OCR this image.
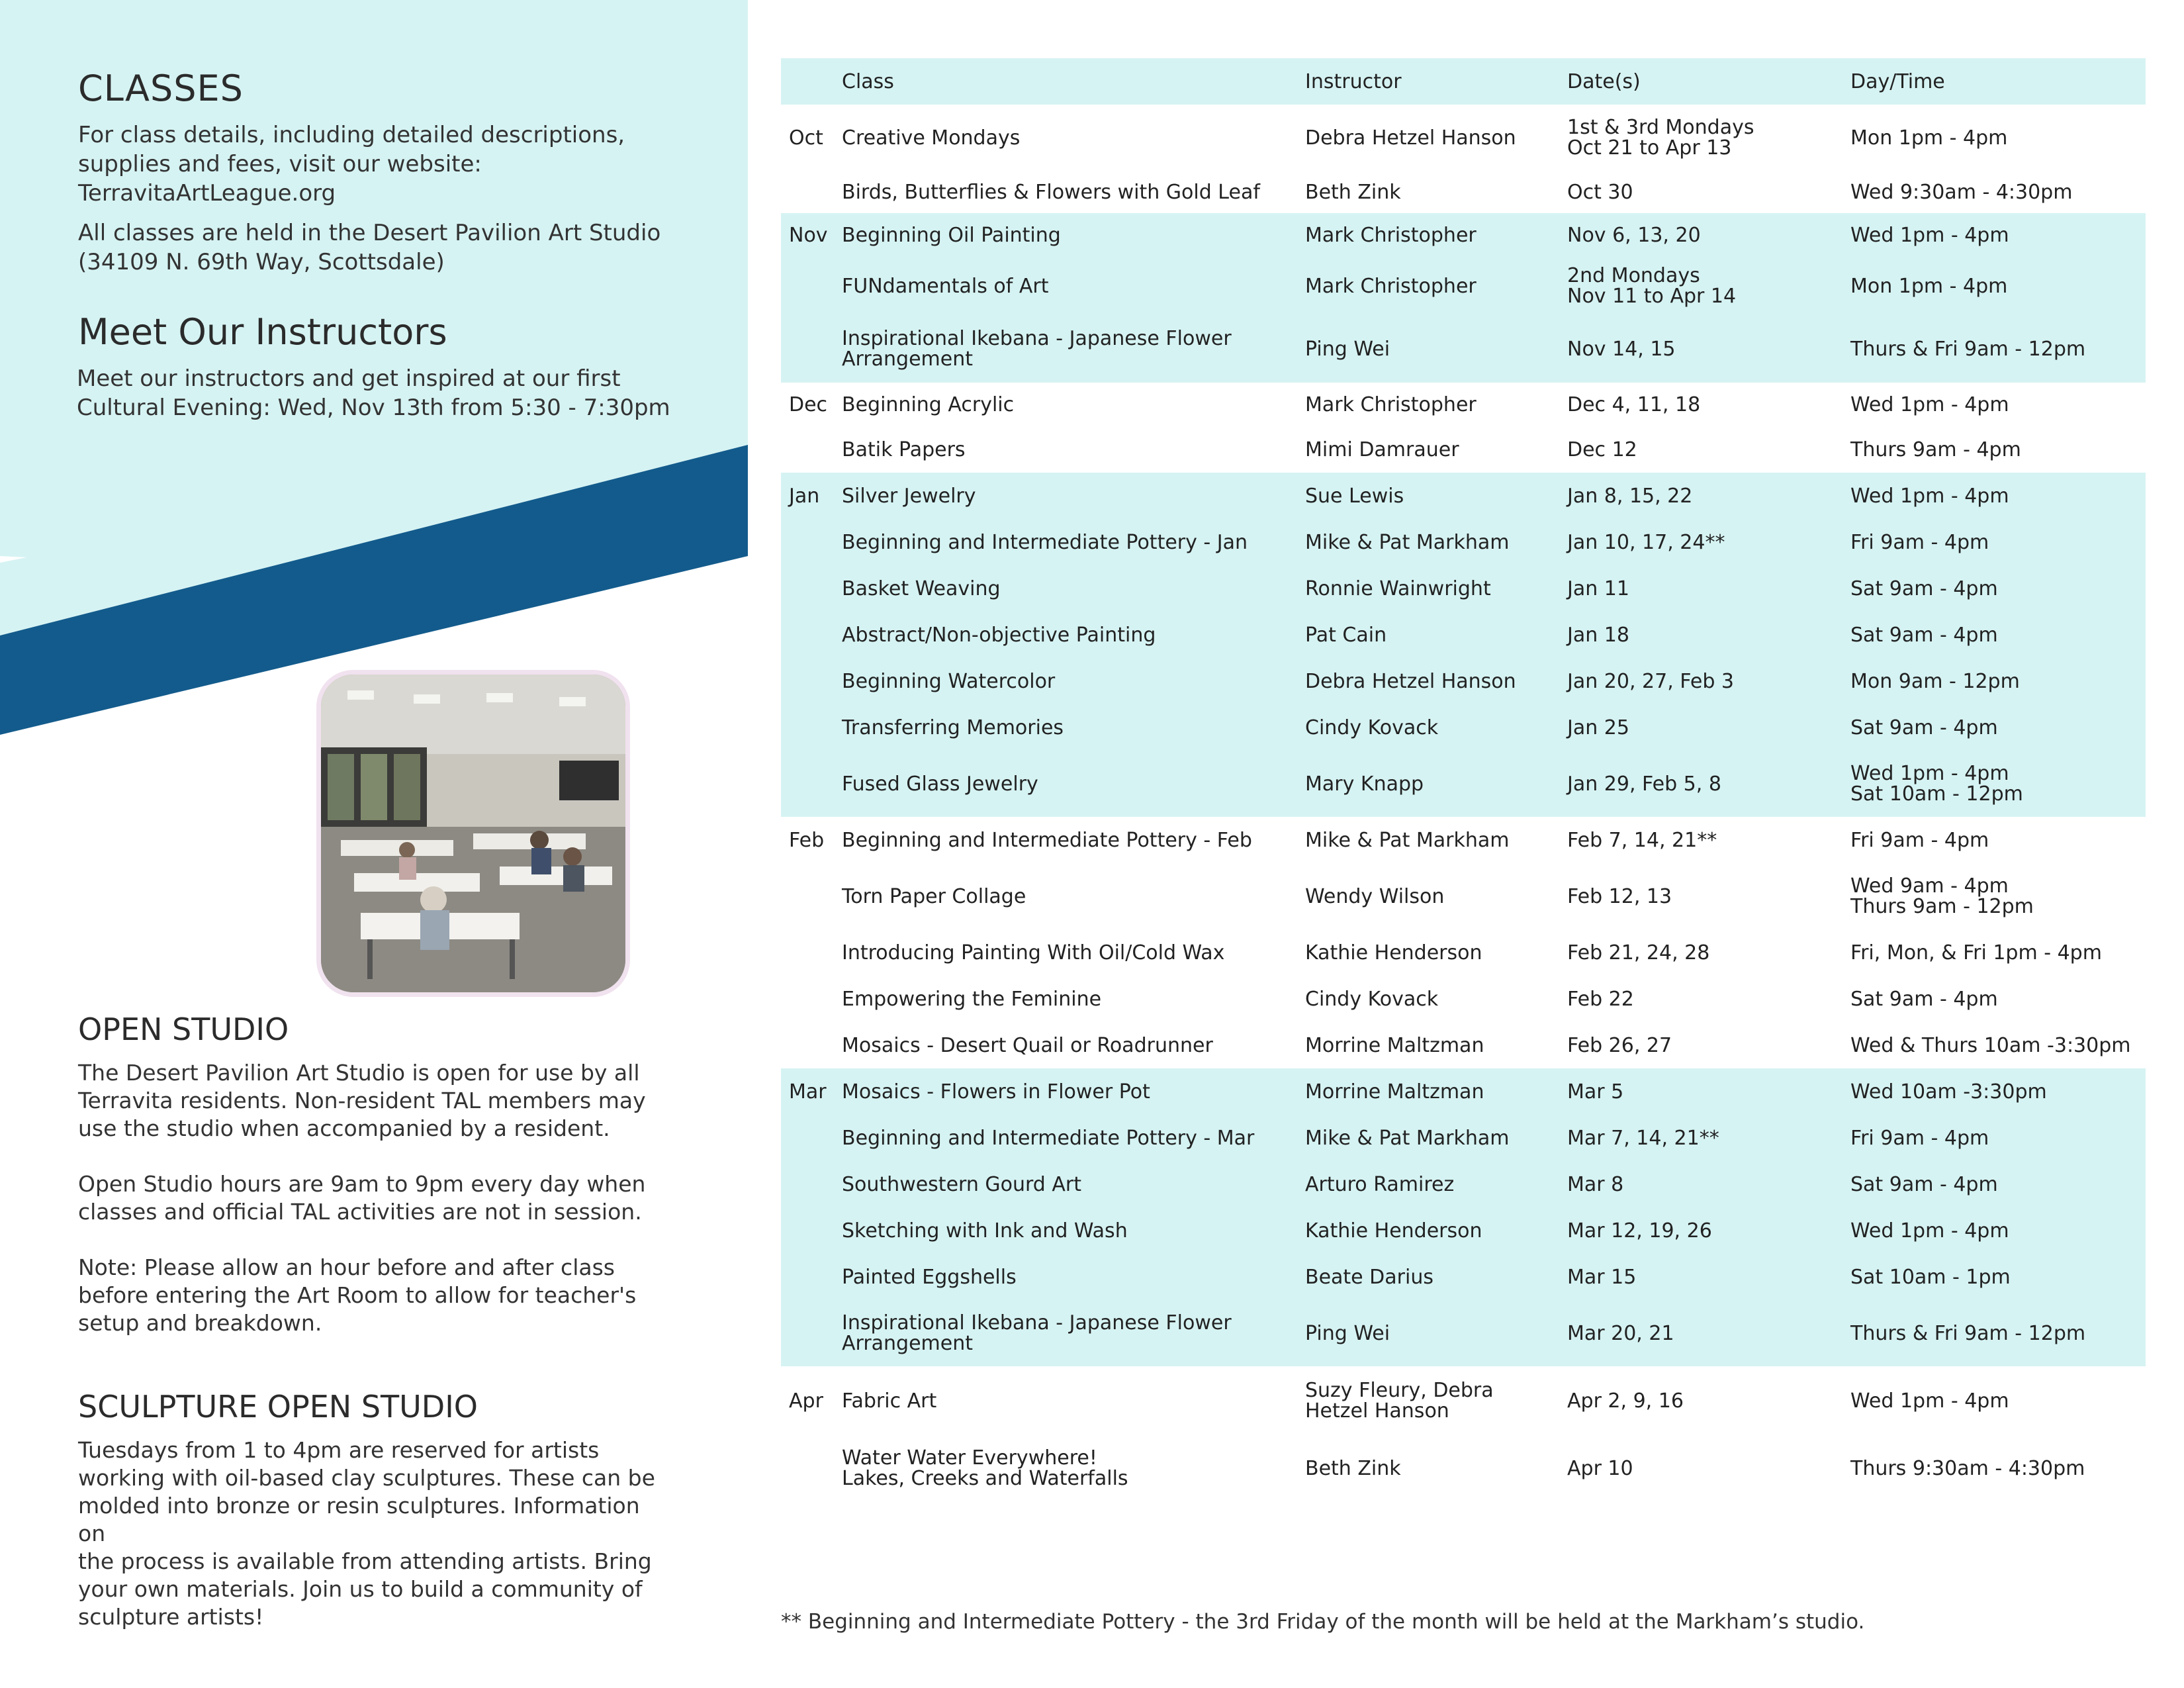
CLASSES
For class details, including detailed descriptions,
supplies and fees, visit our website:
TerravitaArtLeague.org
All classes are held in the Desert Pavilion Art Studio
(34109 N. 69th Way, Scottsdale)
Meet Our Instructors
Meet our instructors and get inspired at our first
Cultural Evening: Wed, Nov 13th from 5:30 - 7:30pm
OPEN STUDIO
The Desert Pavilion Art Studio is open for use by all
Terravita residents. Non-resident TAL members may
use the studio when accompanied by a resident.
Open Studio hours are 9am to 9pm every day when
classes and official TAL activities are not in session.
Note: Please allow an hour before and after class
before entering the Art Room to allow for teacher's
setup and breakdown.
SCULPTURE OPEN STUDIO
Tuesdays from 1 to 4pm are reserved for artists
working with oil-based clay sculptures. These can be
molded into bronze or resin sculptures. Information on
the process is available from attending artists. Bring
your own materials. Join us to build a community of
sculpture artists!
	Class	Instructor	Date(s)	Day/Time
Oct	Creative Mondays	Debra Hetzel Hanson	1st & 3rd Mondays
Oct 21 to Apr 13	Mon 1pm - 4pm
	Birds, Butterflies & Flowers with Gold Leaf	Beth Zink	Oct 30	Wed 9:30am - 4:30pm
Nov	Beginning Oil Painting	Mark Christopher	Nov 6, 13, 20	Wed 1pm - 4pm
	FUNdamentals of Art	Mark Christopher	2nd Mondays
Nov 11 to Apr 14	Mon 1pm - 4pm
	Inspirational Ikebana - Japanese Flower
Arrangement	Ping Wei	Nov 14, 15	Thurs & Fri 9am - 12pm
Dec	Beginning Acrylic	Mark Christopher	Dec 4, 11, 18	Wed 1pm - 4pm
	Batik Papers	Mimi Damrauer	Dec 12	Thurs 9am - 4pm
Jan	Silver Jewelry	Sue Lewis	Jan 8, 15, 22	Wed 1pm - 4pm
	Beginning and Intermediate Pottery - Jan	Mike & Pat Markham	Jan 10, 17, 24**	Fri 9am - 4pm
	Basket Weaving	Ronnie Wainwright	Jan 11	Sat 9am - 4pm
	Abstract/Non-objective Painting	Pat Cain	Jan 18	Sat 9am - 4pm
	Beginning Watercolor	Debra Hetzel Hanson	Jan 20, 27, Feb 3	Mon 9am - 12pm
	Transferring Memories	Cindy Kovack	Jan 25	Sat 9am - 4pm
	Fused Glass Jewelry	Mary Knapp	Jan 29, Feb 5, 8	Wed 1pm - 4pm
Sat 10am - 12pm
Feb	Beginning and Intermediate Pottery - Feb	Mike & Pat Markham	Feb 7, 14, 21**	Fri 9am - 4pm
	Torn Paper Collage	Wendy Wilson	Feb 12, 13	Wed 9am - 4pm
Thurs 9am - 12pm
	Introducing Painting With Oil/Cold Wax	Kathie Henderson	Feb 21, 24, 28	Fri, Mon, & Fri 1pm - 4pm
	Empowering the Feminine	Cindy Kovack	Feb 22	Sat 9am - 4pm
	Mosaics - Desert Quail or Roadrunner	Morrine Maltzman	Feb 26, 27	Wed & Thurs 10am -3:30pm
Mar	Mosaics - Flowers in Flower Pot	Morrine Maltzman	Mar 5	Wed 10am -3:30pm
	Beginning and Intermediate Pottery - Mar	Mike & Pat Markham	Mar 7, 14, 21**	Fri 9am - 4pm
	Southwestern Gourd Art	Arturo Ramirez	Mar 8	Sat 9am - 4pm
	Sketching with Ink and Wash	Kathie Henderson	Mar 12, 19, 26	Wed 1pm - 4pm
	Painted Eggshells	Beate Darius	Mar 15	Sat 10am - 1pm
	Inspirational Ikebana - Japanese Flower
Arrangement	Ping Wei	Mar 20, 21	Thurs & Fri 9am - 12pm
Apr	Fabric Art	Suzy Fleury, Debra
Hetzel Hanson	Apr 2, 9, 16	Wed 1pm - 4pm
	Water Water Everywhere!
Lakes, Creeks and Waterfalls	Beth Zink	Apr 10	Thurs 9:30am - 4:30pm
** Beginning and Intermediate Pottery - the 3rd Friday of the month will be held at the Markham’s studio.
